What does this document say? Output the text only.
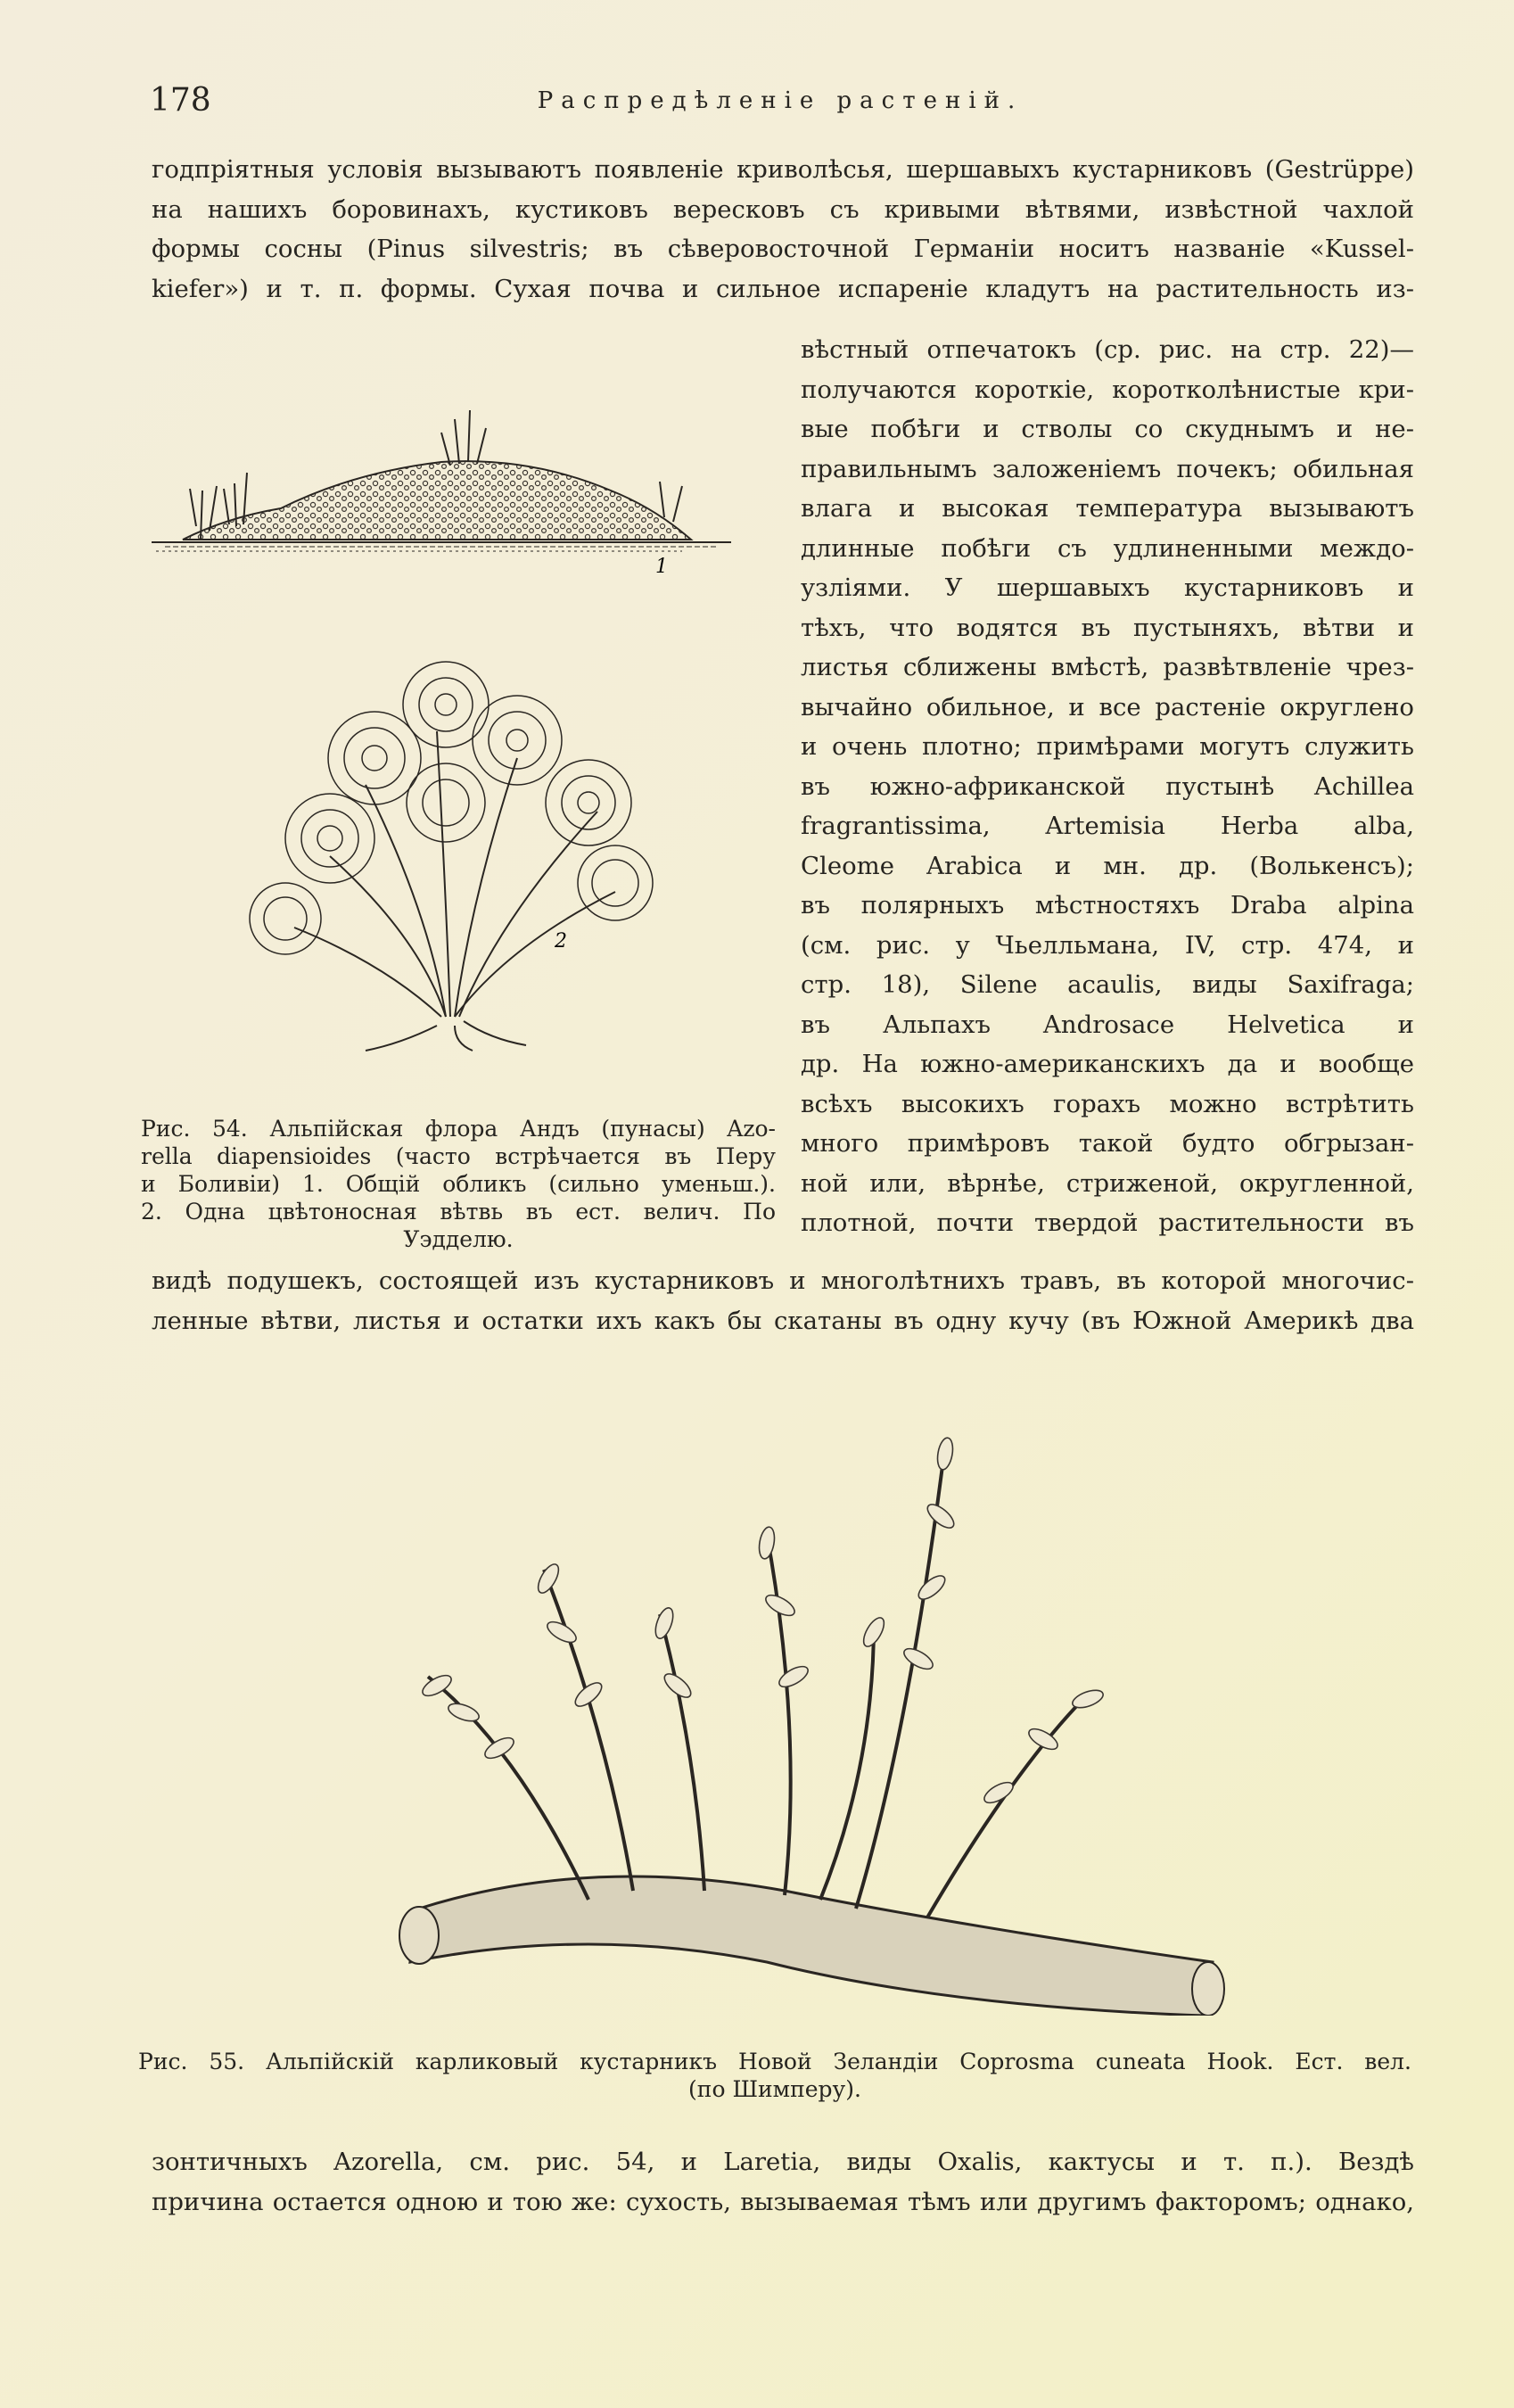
178	Распредѣленіе растеній.
годпріятныя условія вызываютъ появленіе криволѣсья, шершавыхъ кустарниковъ (Gestrüppe)
на нашихъ боровинахъ, кустиковъ вересковъ съ кривыми вѣтвями, извѣстной чахлой
формы сосны (Pinus silvestris; въ сѣверовосточной Германіи носитъ названіе «Kussel-
kiefer») и т. п. формы. Сухая почва и сильное испареніе кладутъ на растительность из-
вѣстный отпечатокъ (ср. рис. на стр. 22)—
получаются короткіе, коротколѣнистые кри-
вые побѣги и стволы со скуднымъ и не-
правильнымъ заложеніемъ почекъ; обильная
влага и высокая температура вызываютъ
длинные побѣги съ удлиненными междо-
узліями. У шершавыхъ кустарниковъ и
тѣхъ, что водятся въ пустыняхъ, вѣтви и
листья сближены вмѣстѣ, развѣтвленіе чрез-
вычайно обильное, и все растеніе округлено
и очень плотно; примѣрами могутъ служить
въ южно-африканской пустынѣ Achillea
fragrantissima, Artemisia Herba alba,
Cleome Arabica и мн. др. (Волькенсъ);
въ полярныхъ мѣстностяхъ Draba alpina
(см. рис. у Чьелльмана, IV, стр. 474, и
стр. 18), Silene acaulis, виды Saxifraga;
въ Альпахъ Androsace Helvetica и
др. На южно-американскихъ да и вообще
всѣхъ высокихъ горахъ можно встрѣтить
много примѣровъ такой будто обгрызан-
ной или, вѣрнѣе, стриженой, округленной,
плотной, почти твердой растительности въ
1
2
Рис. 54. Альпійская флора Андъ (пунасы) Azo-
rella diapensioides (часто встрѣчается въ Перу
и Боливіи) 1. Общій обликъ (сильно уменьш.).
2. Одна цвѣтоносная вѣтвь въ ест. велич. По
Уэдделю.
видѣ подушекъ, состоящей изъ кустарниковъ и многолѣтнихъ травъ, въ которой многочис-
ленные вѣтви, листья и остатки ихъ какъ бы скатаны въ одну кучу (въ Южной Америкѣ два
Рис. 55. Альпійскій карликовый кустарникъ Новой Зеландіи Coprosma cuneata Hook. Ест. вел.
(по Шимперу).
зонтичныхъ Azorella, см. рис. 54, и Laretia, виды Oxalis, кактусы и т. п.). Вездѣ
причина остается одною и тою же: сухость, вызываемая тѣмъ или другимъ факторомъ; однако,
